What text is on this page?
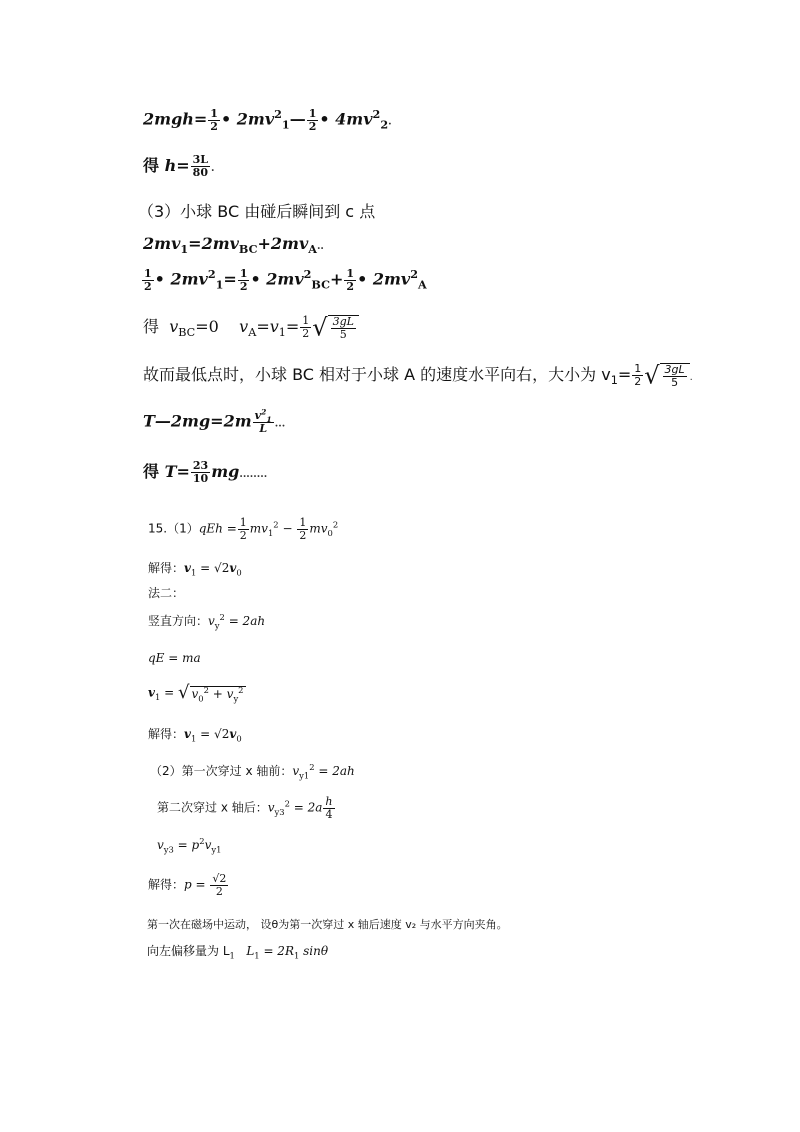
$2mgh= \frac{1}{2}$ • $2mv^2_1— \frac{1}{2}$ • $4mv^2_2$.
得 $h= \frac{3L}{80}$ .
（3）小球 BC 由碰后瞬间到 c 点
$2mv_1=2mv_{BC}+2mv_A$..
$\frac{1}{2}$ • $2mv^2_1= \frac{1}{2}$ • $2mv^2_{BC}+ \frac{1}{2}$ • $2mv^2_A$
得 $v_{BC}=0$ $v_A=v_1= \frac{1}{2}$ √ $\frac{3gL}{5}$
故而最低点时，小球 BC 相对于小球 A 的速度水平向右，大小为 $v_1= \frac{1}{2}$ √ $\frac{3gL}{5}$ .
T—2mg=2m $\frac{v^2_1}{L}$ ...
得 $T= \frac{23}{10}$ mg........
$15.(1)qEh = \frac{1}{2} mv_1^2 - \frac{1}{2} mv_0^2$
解得：$v_1 = √2v_0$
法二：
竖直方向：$v_y^2 = 2ah$
qE = ma
$v_1$ = √ $v_0^2 + v_y^2$
解得：$v_1 = √2v_0$
（2）第一次穿过 x 轴前：$v_{y1}^2 = 2ah$
第二次穿过 x 轴后：$v_{y3}^2 = 2a \frac{h}{4}$
$v_{y3} = p^2v_{y1}$
解得：$p = \frac{√2}{2}$
第一次在磁场中运动， 设θ为第一次穿过 x 轴后速度 v₂ 与水平方向夹角。
向左偏移量为 $L_1$ $L_1 = 2R_1$ sinθ
